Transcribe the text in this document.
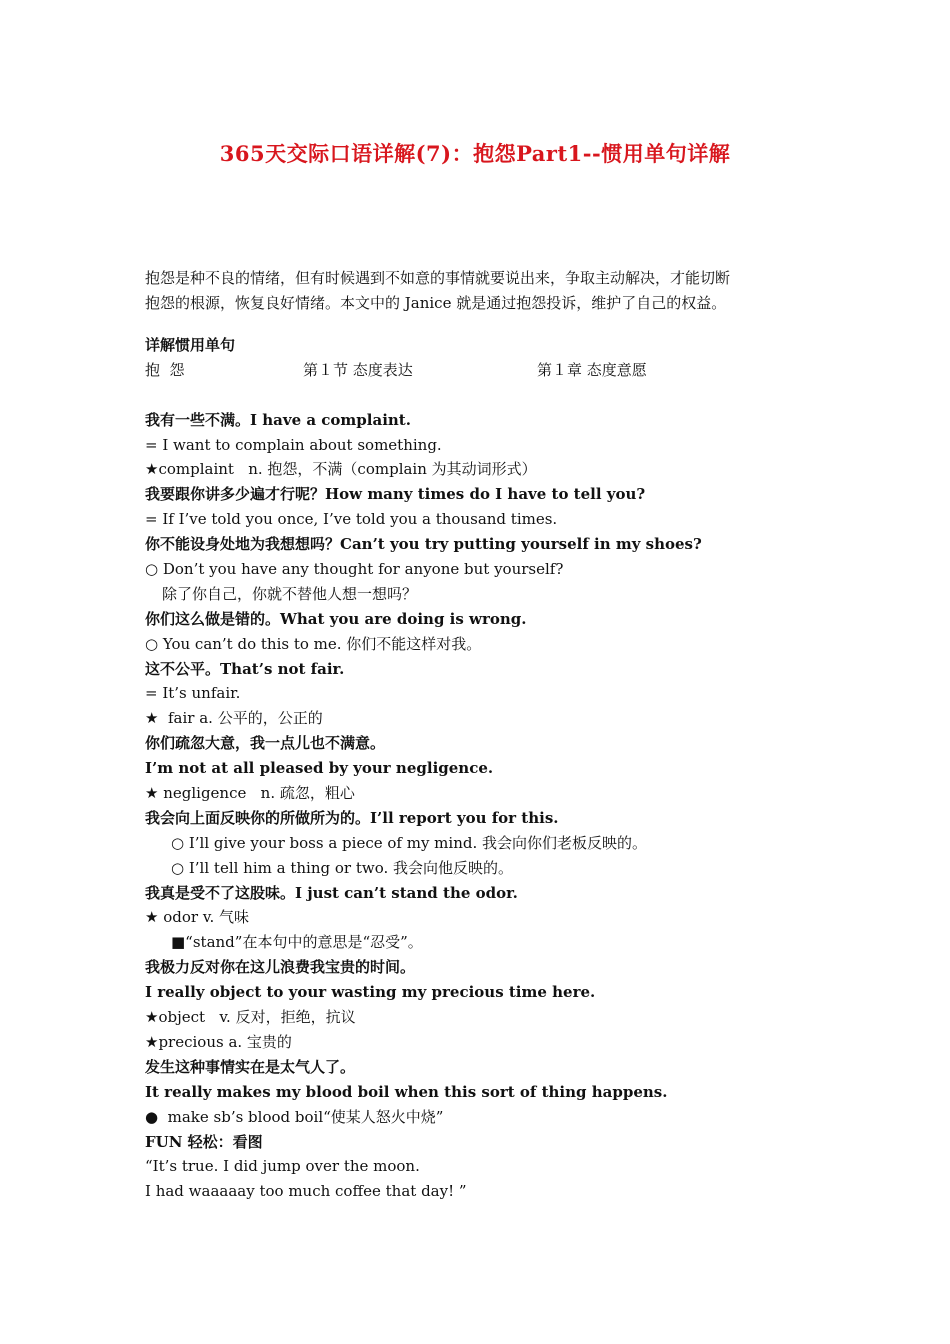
365天交际口语详解(7)：抱怨Part1--惯用单句详解

抱怨是种不良的情绪，但有时候遇到不如意的事情就要说出来，争取主动解决，才能切断

抱怨的根源，恢复良好情绪。本文中的 Janice 就是通过抱怨投诉，维护了自己的权益。

详解惯用单句
抱  怨	第１节 态度表达	第１章 态度意愿
我有一些不满。I have a complaint.
= I want to complain about something.
★complaint   n. 抱怨，不满（complain 为其动词形式）
我要跟你讲多少遍才行呢？How many times do I have to tell you?
= If I’ve told you once, I’ve told you a thousand times.
你不能设身处地为我想想吗？Can’t you try putting yourself in my shoes?
○ Don’t you have any thought for anyone but yourself?
除了你自己，你就不替他人想一想吗？
你们这么做是错的。What you are doing is wrong.
○ You can’t do this to me. 你们不能这样对我。
这不公平。That’s not fair.
= It’s unfair.
★  fair a. 公平的，公正的
你们疏忽大意，我一点儿也不满意。
I’m not at all pleased by your negligence.
★ negligence   n. 疏忽，粗心
我会向上面反映你的所做所为的。I’ll report you for this.
○ I’ll give your boss a piece of my mind. 我会向你们老板反映的。
○ I’ll tell him a thing or two. 我会向他反映的。
我真是受不了这股味。I just can’t stand the odor.
★ odor v. 气味
■“stand”在本句中的意思是“忍受”。
我极力反对你在这儿浪费我宝贵的时间。
I really object to your wasting my precious time here.
★object   v. 反对，拒绝，抗议
★precious a. 宝贵的
发生这种事情实在是太气人了。
It really makes my blood boil when this sort of thing happens.
●  make sb’s blood boil“使某人怒火中烧”
FUN 轻松：看图
“It’s true. I did jump over the moon.
I had waaaaay too much coffee that day! ”
